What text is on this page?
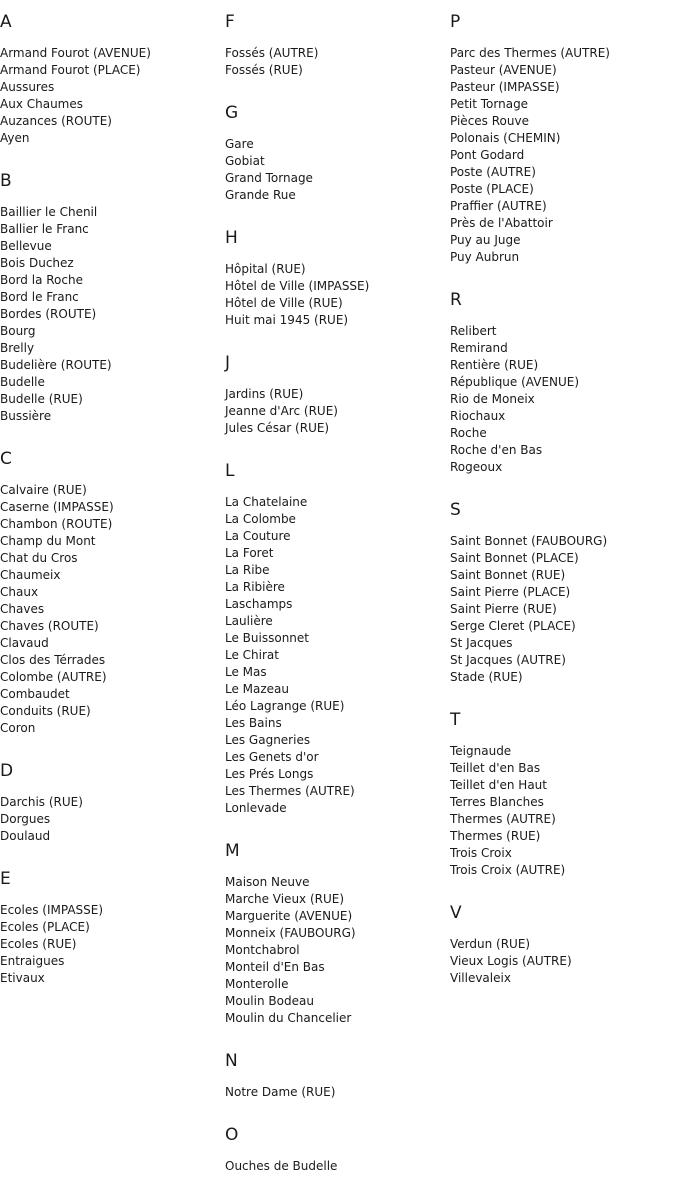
A
Armand Fourot (AVENUE)
Armand Fourot (PLACE)
Aussures
Aux Chaumes
Auzances (ROUTE)
Ayen
B
Baillier le Chenil
Ballier le Franc
Bellevue
Bois Duchez
Bord la Roche
Bord le Franc
Bordes (ROUTE)
Bourg
Brelly
Budelière (ROUTE)
Budelle
Budelle (RUE)
Bussière
C
Calvaire (RUE)
Caserne (IMPASSE)
Chambon (ROUTE)
Champ du Mont
Chat du Cros
Chaumeix
Chaux
Chaves
Chaves (ROUTE)
Clavaud
Clos des Térrades
Colombe (AUTRE)
Combaudet
Conduits (RUE)
Coron
D
Darchis (RUE)
Dorgues
Doulaud
E
Ecoles (IMPASSE)
Ecoles (PLACE)
Ecoles (RUE)
Entraigues
Etivaux
F
Fossés (AUTRE)
Fossés (RUE)
G
Gare
Gobiat
Grand Tornage
Grande Rue
H
Hôpital (RUE)
Hôtel de Ville (IMPASSE)
Hôtel de Ville (RUE)
Huit mai 1945 (RUE)
J
Jardins (RUE)
Jeanne d'Arc (RUE)
Jules César (RUE)
L
La Chatelaine
La Colombe
La Couture
La Foret
La Ribe
La Ribière
Laschamps
Laulière
Le Buissonnet
Le Chirat
Le Mas
Le Mazeau
Léo Lagrange (RUE)
Les Bains
Les Gagneries
Les Genets d'or
Les Prés Longs
Les Thermes (AUTRE)
Lonlevade
M
Maison Neuve
Marche Vieux (RUE)
Marguerite (AVENUE)
Monneix (FAUBOURG)
Montchabrol
Monteil d'En Bas
Monterolle
Moulin Bodeau
Moulin du Chancelier
N
Notre Dame (RUE)
O
Ouches de Budelle
P
Parc des Thermes (AUTRE)
Pasteur (AVENUE)
Pasteur (IMPASSE)
Petit Tornage
Pièces Rouve
Polonais (CHEMIN)
Pont Godard
Poste (AUTRE)
Poste (PLACE)
Praffier (AUTRE)
Près de l'Abattoir
Puy au Juge
Puy Aubrun
R
Relibert
Remirand
Rentière (RUE)
République (AVENUE)
Rio de Moneix
Riochaux
Roche
Roche d'en Bas
Rogeoux
S
Saint Bonnet (FAUBOURG)
Saint Bonnet (PLACE)
Saint Bonnet (RUE)
Saint Pierre (PLACE)
Saint Pierre (RUE)
Serge Cleret (PLACE)
St Jacques
St Jacques (AUTRE)
Stade (RUE)
T
Teignaude
Teillet d'en Bas
Teillet d'en Haut
Terres Blanches
Thermes (AUTRE)
Thermes (RUE)
Trois Croix
Trois Croix (AUTRE)
V
Verdun (RUE)
Vieux Logis (AUTRE)
Villevaleix
